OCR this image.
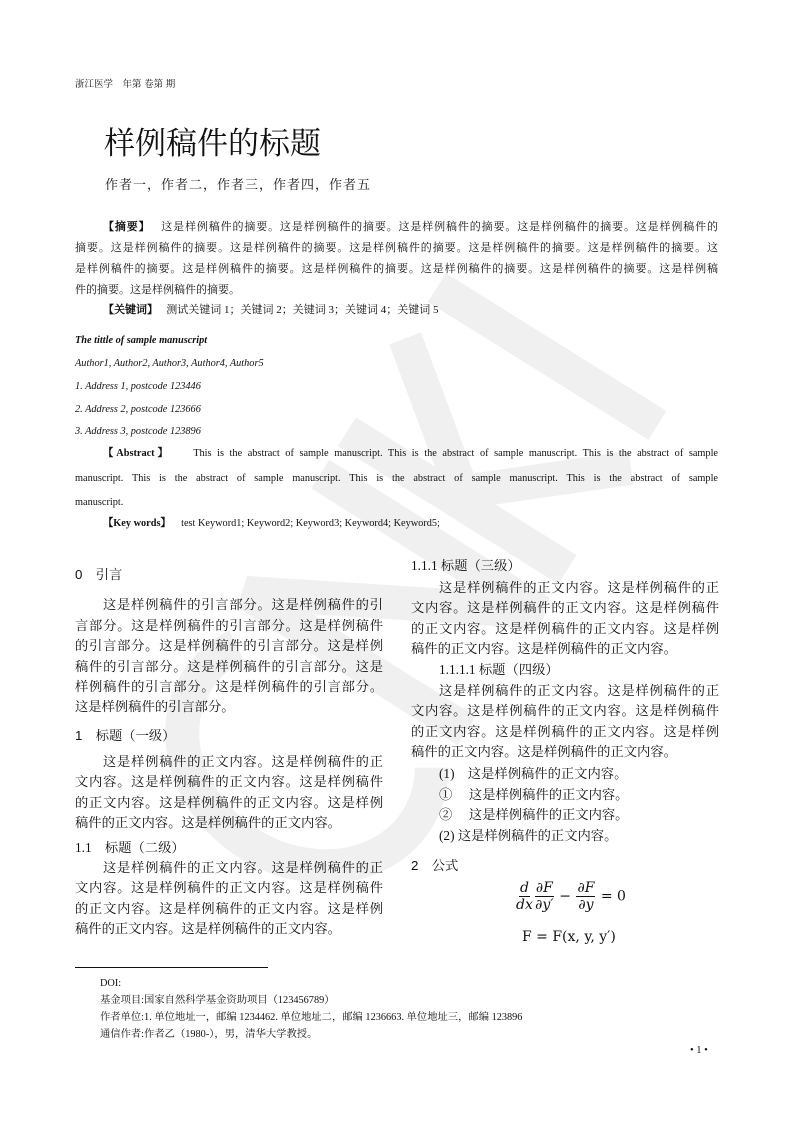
浙江医学　年第 卷第 期
样例稿件的标题
作者一，作者二，作者三，作者四，作者五
【摘要】 这是样例稿件的摘要。这是样例稿件的摘要。这是样例稿件的摘要。这是样例稿件的摘要。这是样例稿件的
摘要。这是样例稿件的摘要。这是样例稿件的摘要。这是样例稿件的摘要。这是样例稿件的摘要。这是样例稿件的摘要。这
是样例稿件的摘要。这是样例稿件的摘要。这是样例稿件的摘要。这是样例稿件的摘要。这是样例稿件的摘要。这是样例稿
件的摘要。这是样例稿件的摘要。
【关键词】 测试关键词 1；关键词 2；关键词 3；关键词 4；关键词 5
The tittle of sample manuscript
Author1, Author2, Author3, Author4, Author5
1. Address 1, postcode 123446
2. Address 2, postcode 123666
3. Address 3, postcode 123896
【Abstract】 This is the abstract of sample manuscript. This is the abstract of sample manuscript. This is the abstract of sample
manuscript. This is the abstract of sample manuscript. This is the abstract of sample manuscript. This is the abstract of sample
manuscript.
【Key words】 test Keyword1; Keyword2; Keyword3; Keyword4; Keyword5;
0　引言
这是样例稿件的引言部分。这是样例稿件的引
言部分。这是样例稿件的引言部分。这是样例稿件
的引言部分。这是样例稿件的引言部分。这是样例
稿件的引言部分。这是样例稿件的引言部分。这是
样例稿件的引言部分。这是样例稿件的引言部分。
这是样例稿件的引言部分。
1　标题（一级）
这是样例稿件的正文内容。这是样例稿件的正
文内容。这是样例稿件的正文内容。这是样例稿件
的正文内容。这是样例稿件的正文内容。这是样例
稿件的正文内容。这是样例稿件的正文内容。
1.1　标题（二级）
这是样例稿件的正文内容。这是样例稿件的正
文内容。这是样例稿件的正文内容。这是样例稿件
的正文内容。这是样例稿件的正文内容。这是样例
稿件的正文内容。这是样例稿件的正文内容。
1.1.1 标题（三级）
这是样例稿件的正文内容。这是样例稿件的正
文内容。这是样例稿件的正文内容。这是样例稿件
的正文内容。这是样例稿件的正文内容。这是样例
稿件的正文内容。这是样例稿件的正文内容。
1.1.1.1 标题（四级）
这是样例稿件的正文内容。这是样例稿件的正
文内容。这是样例稿件的正文内容。这是样例稿件
的正文内容。这是样例稿件的正文内容。这是样例
稿件的正文内容。这是样例稿件的正文内容。
(1)　这是样例稿件的正文内容。
①　 这是样例稿件的正文内容。
②　 这是样例稿件的正文内容。
(2) 这是样例稿件的正文内容。
2　公式
$\frac{d}{dx} \frac{\partial F}{\partial y'} - \frac{\partial F}{\partial y} = 0$
F = F(x, y, y′)
DOI:
基金项目:国家自然科学基金资助项目（123456789）
作者单位:1. 单位地址一，邮编 1234462. 单位地址二，邮编 1236663. 单位地址三，邮编 123896
通信作者:作者乙（1980-），男，清华大学教授。
• 1 •
